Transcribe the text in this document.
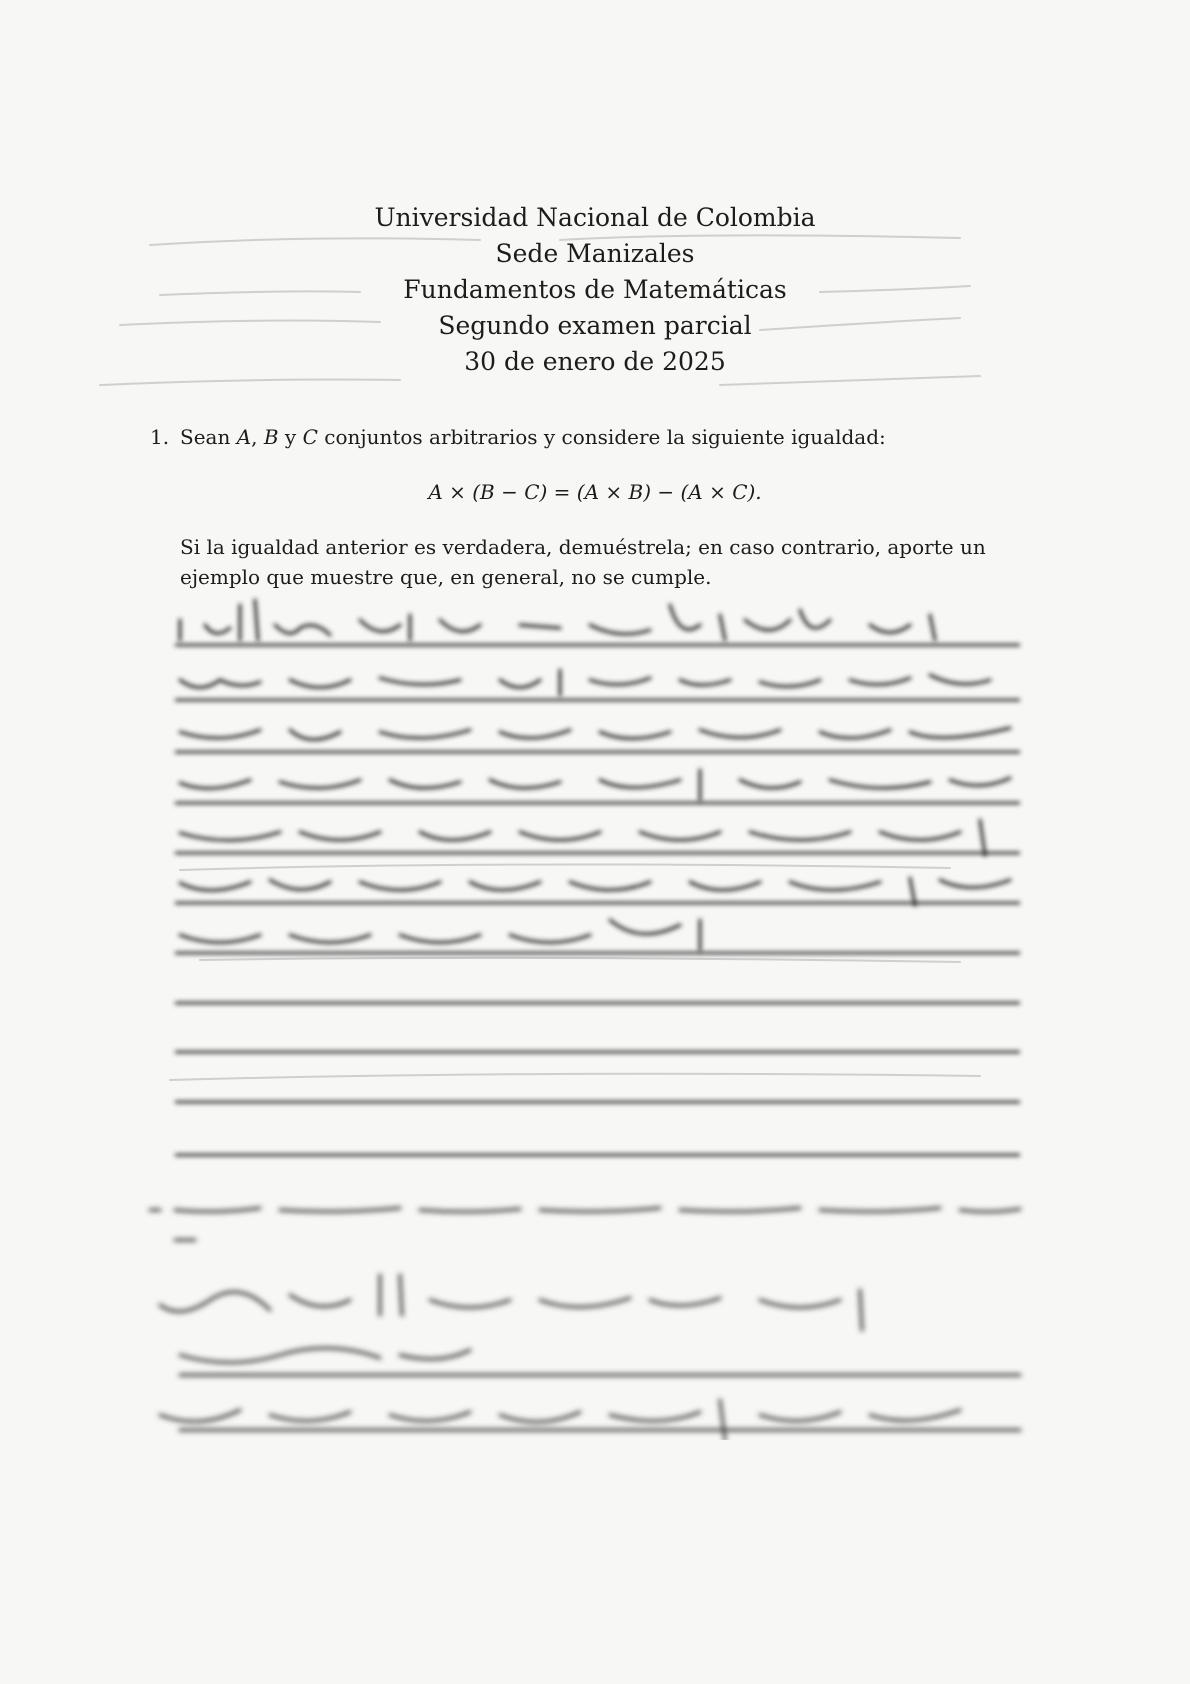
Universidad Nacional de Colombia
Sede Manizales
Fundamentos de Matemáticas
Segundo examen parcial
30 de enero de 2025
1. Sean A, B y C conjuntos arbitrarios y considere la siguiente igualdad:
A × (B − C) = (A × B) − (A × C).
Si la igualdad anterior es verdadera, demuéstrela; en caso contrario, aporte un ejemplo que muestre que, en general, no se cumple.
